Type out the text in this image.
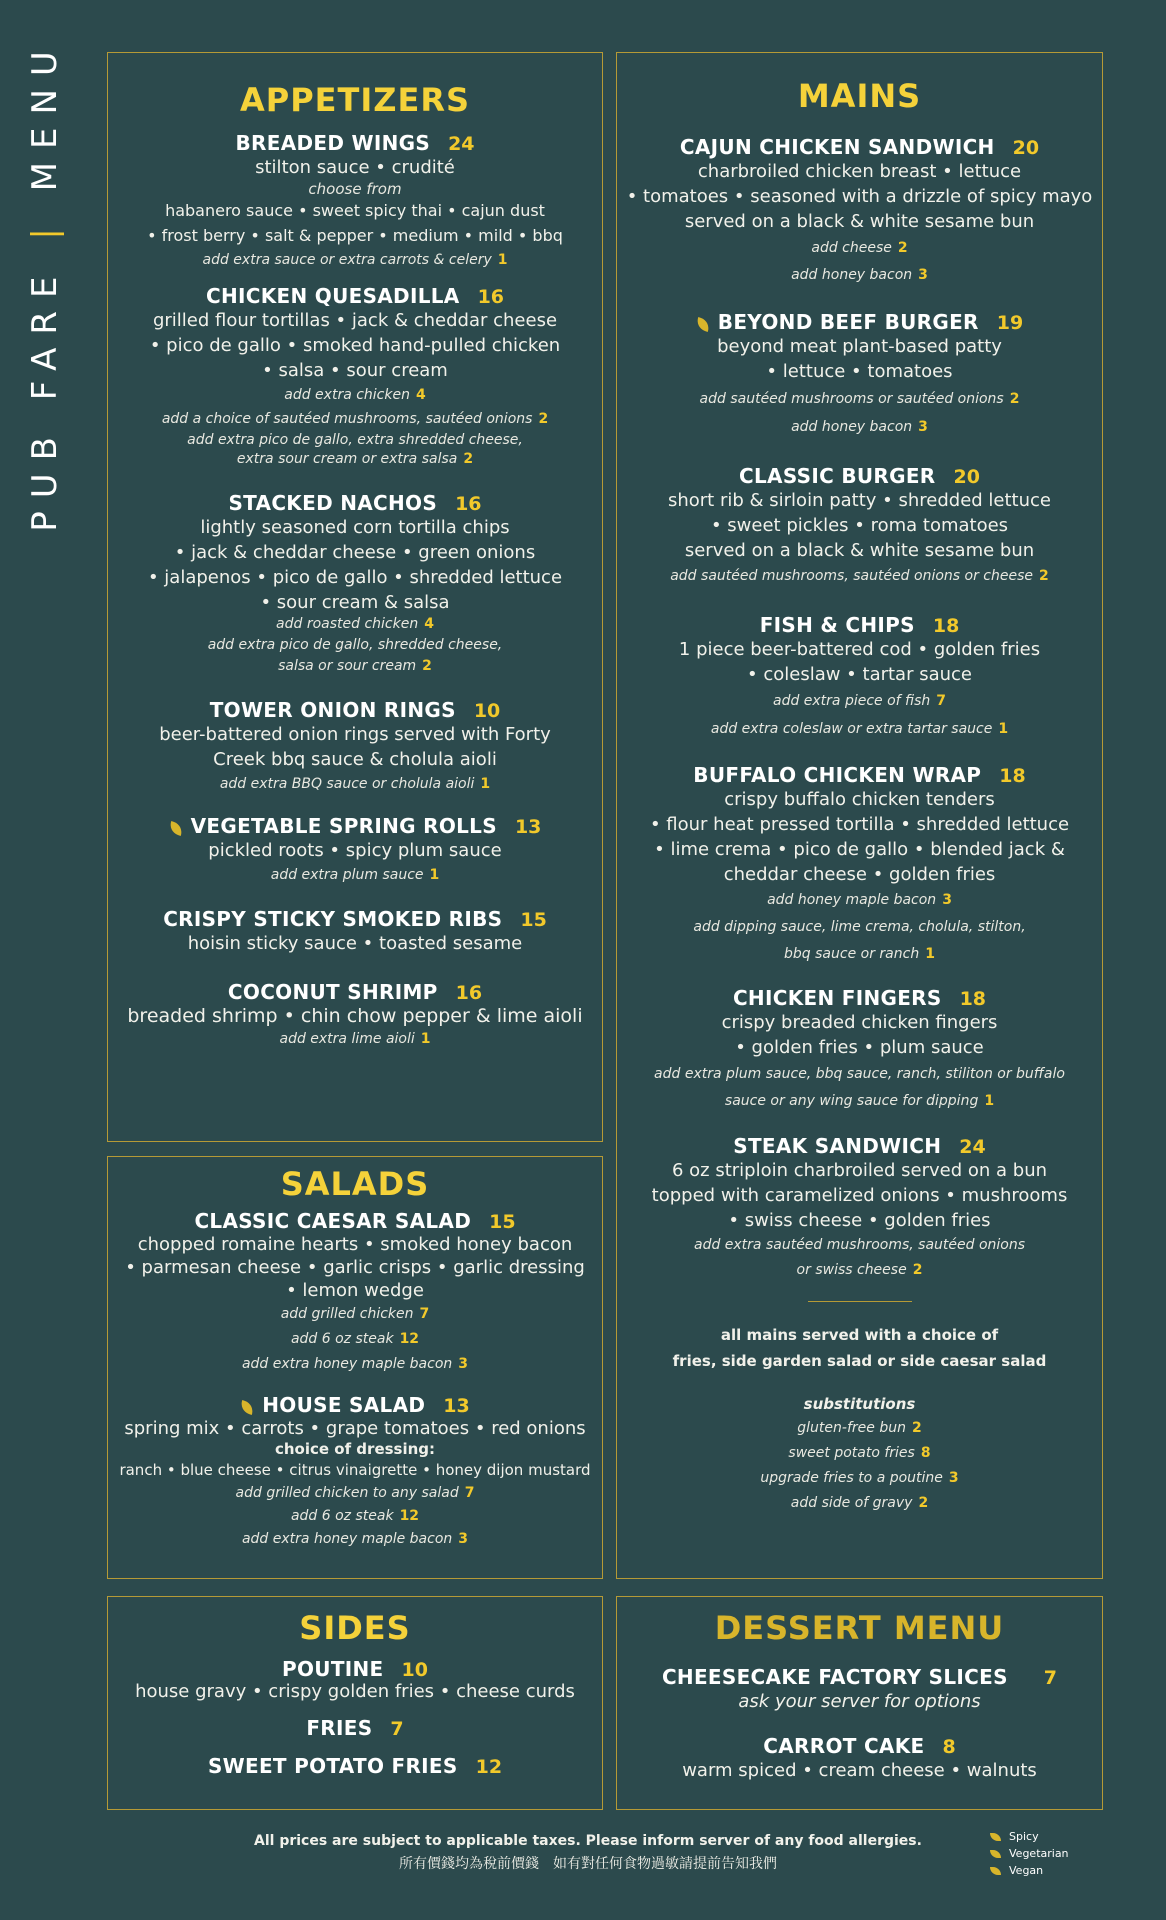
PUB FARE | MENU	APPETIZERS
BREADED WINGS 24
stilton sauce • crudité
choose from
habanero sauce • sweet spicy thai • cajun dust
• frost berry • salt & pepper • medium • mild • bbq
add extra sauce or extra carrots & celery 1
CHICKEN QUESADILLA 16
grilled flour tortillas • jack & cheddar cheese
• pico de gallo • smoked hand-pulled chicken
• salsa • sour cream
add extra chicken 4
add a choice of sautéed mushrooms, sautéed onions 2
add extra pico de gallo, extra shredded cheese,
extra sour cream or extra salsa 2
STACKED NACHOS 16
lightly seasoned corn tortilla chips
• jack & cheddar cheese • green onions
• jalapenos • pico de gallo • shredded lettuce
• sour cream & salsa
add roasted chicken 4
add extra pico de gallo, shredded cheese,
salsa or sour cream 2
TOWER ONION RINGS 10
beer-battered onion rings served with Forty
Creek bbq sauce & cholula aioli
add extra BBQ sauce or cholula aioli 1
VEGETABLE SPRING ROLLS 13
pickled roots • spicy plum sauce
add extra plum sauce 1
CRISPY STICKY SMOKED RIBS 15
hoisin sticky sauce • toasted sesame
COCONUT SHRIMP 16
breaded shrimp • chin chow pepper & lime aioli
add extra lime aioli 1
SALADS
CLASSIC CAESAR SALAD 15
chopped romaine hearts • smoked honey bacon
• parmesan cheese • garlic crisps • garlic dressing
• lemon wedge
add grilled chicken 7
add 6 oz steak 12
add extra honey maple bacon 3
HOUSE SALAD 13
spring mix • carrots • grape tomatoes • red onions
choice of dressing:
ranch • blue cheese • citrus vinaigrette • honey dijon mustard
add grilled chicken to any salad 7
add 6 oz steak 12
add extra honey maple bacon 3
SIDES
POUTINE 10
house gravy • crispy golden fries • cheese curds
FRIES 7
SWEET POTATO FRIES 12
MAINS
CAJUN CHICKEN SANDWICH 20
charbroiled chicken breast • lettuce
• tomatoes • seasoned with a drizzle of spicy mayo
served on a black & white sesame bun
add cheese 2
add honey bacon 3
BEYOND BEEF BURGER 19
beyond meat plant-based patty
• lettuce • tomatoes
add sautéed mushrooms or sautéed onions 2
add honey bacon 3
CLASSIC BURGER 20
short rib & sirloin patty • shredded lettuce
• sweet pickles • roma tomatoes
served on a black & white sesame bun
add sautéed mushrooms, sautéed onions or cheese 2
FISH & CHIPS 18
1 piece beer-battered cod • golden fries
• coleslaw • tartar sauce
add extra piece of fish 7
add extra coleslaw or extra tartar sauce 1
BUFFALO CHICKEN WRAP 18
crispy buffalo chicken tenders
• flour heat pressed tortilla • shredded lettuce
• lime crema • pico de gallo • blended jack &
cheddar cheese • golden fries
add honey maple bacon 3
add dipping sauce, lime crema, cholula, stilton,
bbq sauce or ranch 1
CHICKEN FINGERS 18
crispy breaded chicken fingers
• golden fries • plum sauce
add extra plum sauce, bbq sauce, ranch, stiliton or buffalo
sauce or any wing sauce for dipping 1
STEAK SANDWICH 24
6 oz striploin charbroiled served on a bun
topped with caramelized onions • mushrooms
• swiss cheese • golden fries
add extra sautéed mushrooms, sautéed onions
or swiss cheese 2
all mains served with a choice of
fries, side garden salad or side caesar salad
substitutions
gluten-free bun 2
sweet potato fries 8
upgrade fries to a poutine 3
add side of gravy 2
DESSERT MENU
CHEESECAKE FACTORY SLICES 7
ask your server for options
CARROT CAKE 8
warm spiced • cream cheese • walnuts
All prices are subject to applicable taxes. Please inform server of any food allergies.
所有價錢均為稅前價錢　如有對任何食物過敏請提前告知我們
Spicy
Vegetarian
Vegan
